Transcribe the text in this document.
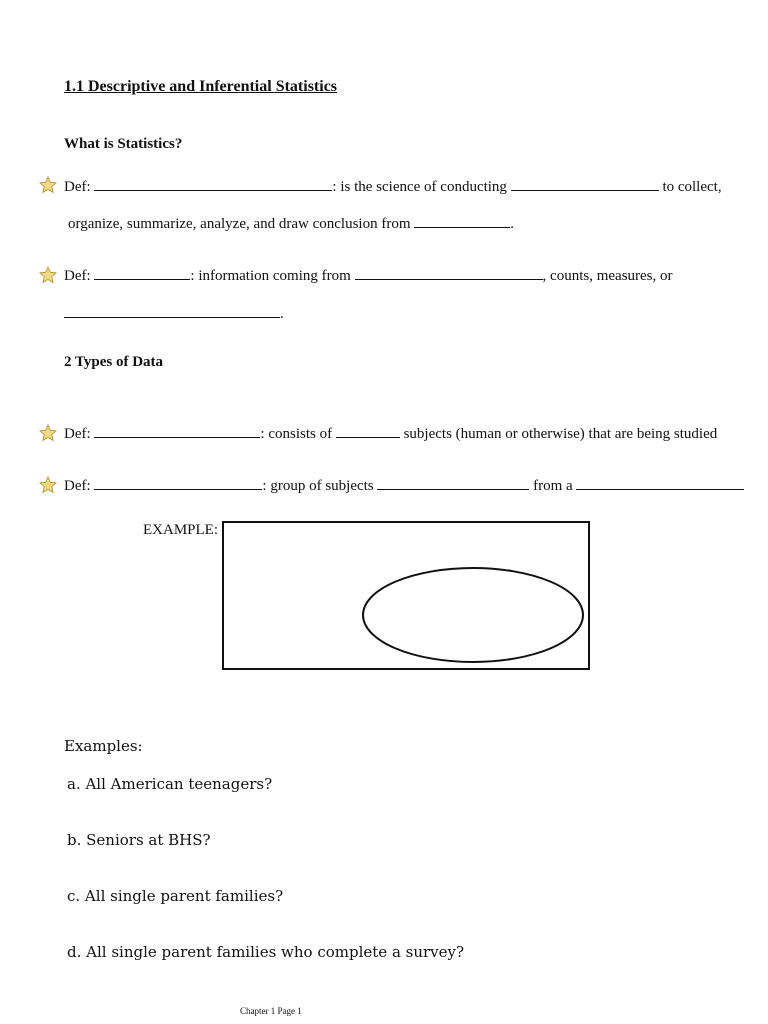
1.1 Descriptive and Inferential Statistics
What is Statistics?
Def:	: is the science of conducting	to collect,
organize, summarize, analyze, and draw conclusion from	.
Def:	: information coming from	, counts, measures, or
.
2 Types of Data
Def:	: consists of	subjects (human or otherwise) that are being studied
Def:	: group of subjects	from a
EXAMPLE:
Examples:
a. All American teenagers?
b. Seniors at BHS?
c. All single parent families?
d. All single parent families who complete a survey?
Chapter 1 Page 1
